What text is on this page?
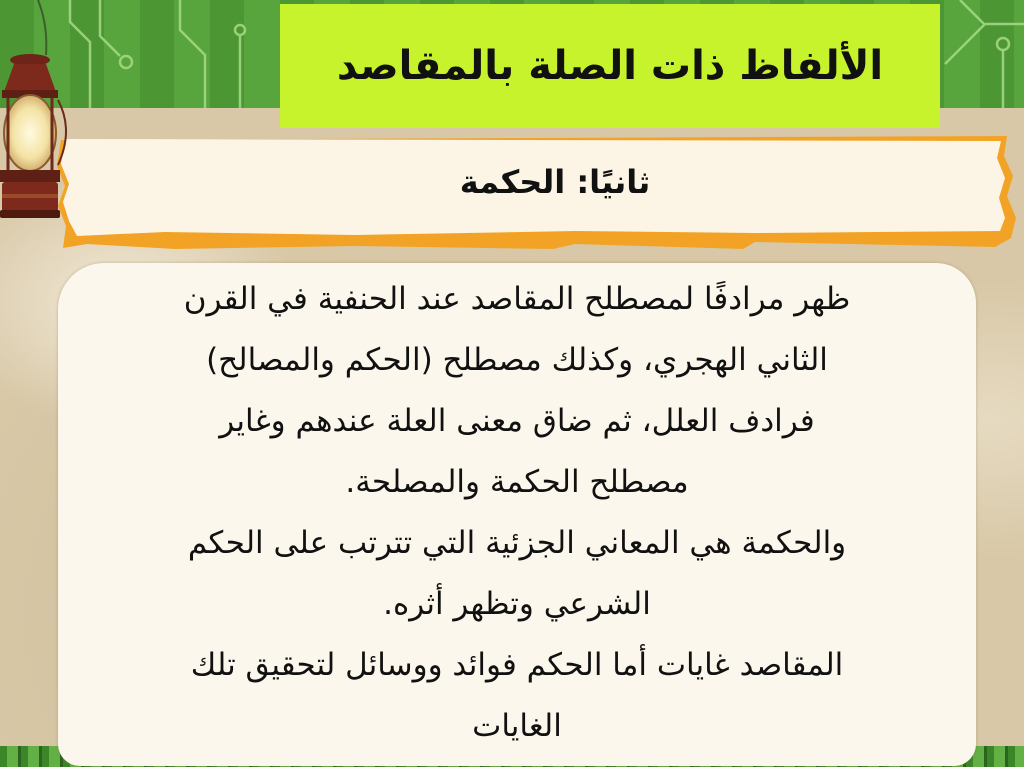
الألفاظ ذات الصلة بالمقاصد
ثانيًا: الحكمة
ظهر مرادفًا لمصطلح المقاصد عند الحنفية في القرن
الثاني الهجري، وكذلك مصطلح (الحكم والمصالح)
فرادف العلل، ثم ضاق معنى العلة عندهم وغاير
مصطلح الحكمة والمصلحة.
والحكمة هي المعاني الجزئية التي تترتب على الحكم
الشرعي وتظهر أثره.
المقاصد غايات أما الحكم فوائد ووسائل لتحقيق تلك
الغايات
